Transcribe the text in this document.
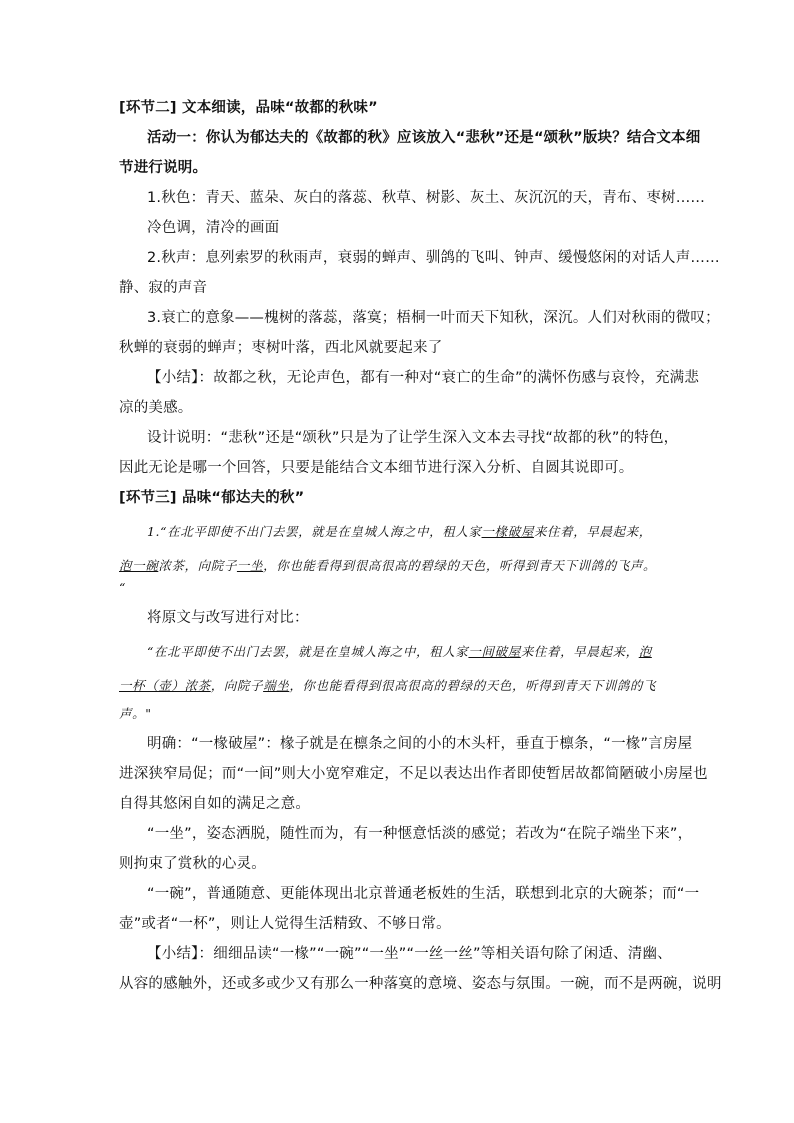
[环节二] 文本细读，品味“故都的秋味”

活动一：你认为郁达夫的《故都的秋》应该放入“悲秋”还是“颂秋”版块？结合文本细

节进行说明。

1.秋色：青天、蓝朵、灰白的落蕊、秋草、树影、灰土、灰沉沉的天，青布、枣树……

冷色调，清冷的画面

2.秋声：息列索罗的秋雨声，衰弱的蝉声、驯鸽的飞叫、钟声、缓慢悠闲的对话人声……

静、寂的声音

3.衰亡的意象——槐树的落蕊，落寞；梧桐一叶而天下知秋，深沉。人们对秋雨的微叹；

秋蝉的衰弱的蝉声；枣树叶落，西北风就要起来了

【小结】：故都之秋，无论声色，都有一种对“衰亡的生命”的满怀伤感与哀怜，充满悲

凉的美感。

设计说明：“悲秋”还是“颂秋”只是为了让学生深入文本去寻找“故都的秋”的特色，

因此无论是哪一个回答，只要是能结合文本细节进行深入分析、自圆其说即可。

[环节三] 品味“郁达夫的秋”

1.“在北平即使不出门去罢，就是在皇城人海之中，租人家一椽破屋来住着，早晨起来，

泡一碗浓茶，向院子一坐，你也能看得到很高很高的碧绿的天色，听得到青天下训鸽的飞声。

“

将原文与改写进行对比：

“在北平即使不出门去罢，就是在皇城人海之中，租人家一间破屋来住着，早晨起来，泡

一杯（壶）浓茶，向院子端坐，你也能看得到很高很高的碧绿的天色，听得到青天下训鸽的飞

声。"

明确：“一椽破屋”：椽子就是在檩条之间的小的木头杆，垂直于檩条，“一椽”言房屋

进深狭窄局促；而“一间”则大小宽窄难定，不足以表达出作者即使暂居故都简陋破小房屋也

自得其悠闲自如的满足之意。

“一坐”，姿态洒脱，随性而为，有一种惬意恬淡的感觉；若改为“在院子端坐下来”，

则拘束了赏秋的心灵。

“一碗”，普通随意、更能体现出北京普通老板姓的生活，联想到北京的大碗茶；而“一

壶”或者“一杯”，则让人觉得生活精致、不够日常。

【小结】：细细品读“一椽”“一碗”“一坐”“一丝一丝”等相关语句除了闲适、清幽、

从容的感触外，还或多或少又有那么一种落寞的意境、姿态与氛围。一碗，而不是两碗，说明
